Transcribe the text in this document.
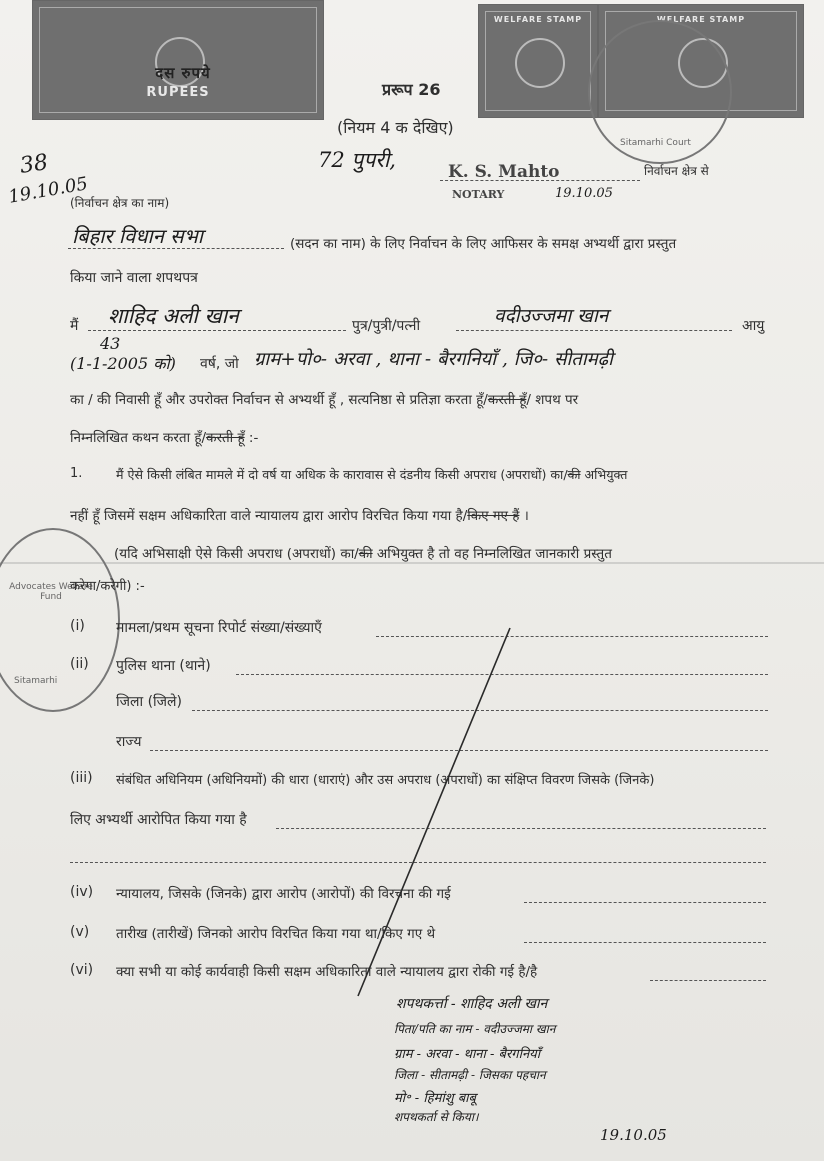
RUPEES
दस रुपये
WELFARE STAMP	WELFARE STAMP
Sitamarhi Court
प्ररूप 26
(नियम 4 क देखिए)
38
19.10.05
72 पुपरी,	K. S. Mahto
NOTARY	19.10.05
निर्वाचन क्षेत्र से
(निर्वाचन क्षेत्र का नाम)
बिहार विधान सभा	(सदन का नाम) के लिए निर्वाचन के लिए आफिसर के समक्ष अभ्यर्थी द्वारा प्रस्तुत
किया जाने वाला शपथपत्र
मैं शाहिद अली खान	पुत्र/पुत्री/पत्नी	वदीउज्जमा खान	आयु
43
(1-1-2005 को) वर्ष, जो ग्राम+पो०- अरवा , थाना - बैरगनियाँ , जि०- सीतामढ़ी
का / की निवासी हूँ और उपरोक्त निर्वाचन से अभ्यर्थी हूँ , सत्यनिष्ठा से प्रतिज्ञा करता हूँ/करती हूँ/ शपथ पर
निम्नलिखित कथन करता हूँ/करती हूँ :-
1.	मैं ऐसे किसी लंबित मामले में दो वर्ष या अधिक के कारावास से दंडनीय किसी अपराध (अपराधों) का/की अभियुक्त
नहीं हूँ जिसमें सक्षम अधिकारिता वाले न्यायालय द्वारा आरोप विरचित किया गया है/किए गए हैं ।
Advocates Welfare Fund
Sitamarhi
(यदि अभिसाक्षी ऐसे किसी अपराध (अपराधों) का/की अभियुक्त है तो वह निम्नलिखित जानकारी प्रस्तुत
करेगा/करेगी) :-
(i) मामला/प्रथम सूचना रिपोर्ट संख्या/संख्याएँ
(ii) पुलिस थाना (थाने)
जिला (जिले)
राज्य
(iii) संबंधित अधिनियम (अधिनियमों) की धारा (धाराएं) और उस अपराध (अपराधों) का संक्षिप्त विवरण जिसके (जिनके)
लिए अभ्यर्थी आरोपित किया गया है
(iv) न्यायालय, जिसके (जिनके) द्वारा आरोप (आरोपों) की विरचना की गई
(v) तारीख (तारीखें) जिनको आरोप विरचित किया गया था/किए गए थे
(vi) क्या सभी या कोई कार्यवाही किसी सक्षम अधिकारिता वाले न्यायालय द्वारा रोकी गई है/है
शपथकर्त्ता - शाहिद अली खान
पिता/पति का नाम - वदीउज्जमा खान
ग्राम - अरवा - थाना - बैरगनियाँ
जिला - सीतामढ़ी - जिसका पहचान
मो॰ - हिमांशु बाबू
शपथकर्ता से किया।
19.10.05
